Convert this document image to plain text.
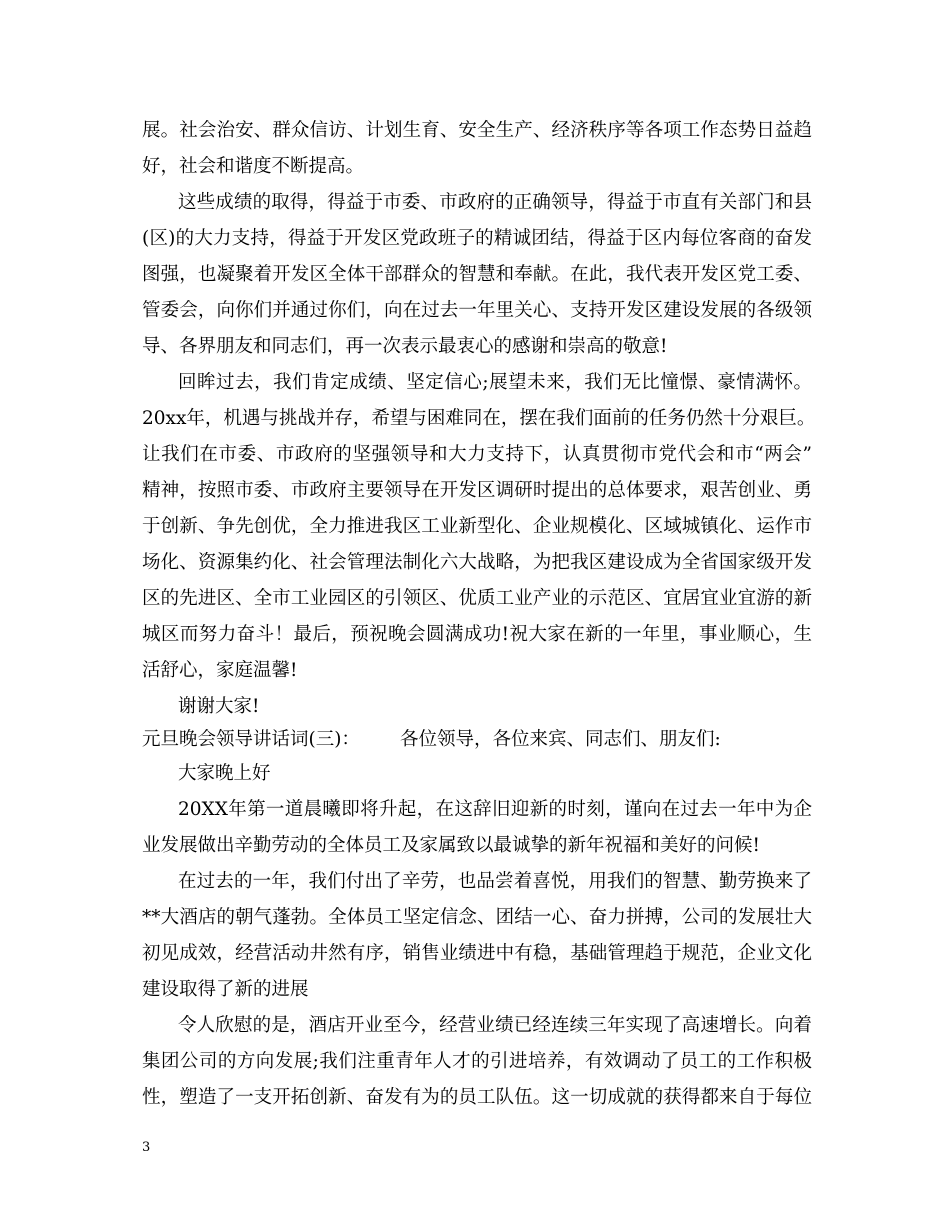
展。社会治安、群众信访、计划生育、安全生产、经济秩序等各项工作态势日益趋
好，社会和谐度不断提高。
这些成绩的取得，得益于市委、市政府的正确领导，得益于市直有关部门和县
(区)的大力支持，得益于开发区党政班子的精诚团结，得益于区内每位客商的奋发
图强，也凝聚着开发区全体干部群众的智慧和奉献。在此，我代表开发区党工委、
管委会，向你们并通过你们，向在过去一年里关心、支持开发区建设发展的各级领
导、各界朋友和同志们，再一次表示最衷心的感谢和崇高的敬意!
回眸过去，我们肯定成绩、坚定信心;展望未来，我们无比憧憬、豪情满怀。
20xx年，机遇与挑战并存，希望与困难同在，摆在我们面前的任务仍然十分艰巨。
让我们在市委、市政府的坚强领导和大力支持下，认真贯彻市党代会和市“两会”
精神，按照市委、市政府主要领导在开发区调研时提出的总体要求，艰苦创业、勇
于创新、争先创优，全力推进我区工业新型化、企业规模化、区域城镇化、运作市
场化、资源集约化、社会管理法制化六大战略，为把我区建设成为全省国家级开发
区的先进区、全市工业园区的引领区、优质工业产业的示范区、宜居宜业宜游的新
城区而努力奋斗！最后，预祝晚会圆满成功!祝大家在新的一年里，事业顺心，生
活舒心，家庭温馨!
谢谢大家!
元旦晚会领导讲话词(三)： 各位领导，各位来宾、同志们、朋友们:
大家晚上好
20XX年第一道晨曦即将升起，在这辞旧迎新的时刻，谨向在过去一年中为企
业发展做出辛勤劳动的全体员工及家属致以最诚挚的新年祝福和美好的问候!
在过去的一年，我们付出了辛劳，也品尝着喜悦，用我们的智慧、勤劳换来了
**大酒店的朝气蓬勃。全体员工坚定信念、团结一心、奋力拼搏，公司的发展壮大
初见成效，经营活动井然有序，销售业绩进中有稳，基础管理趋于规范，企业文化
建设取得了新的进展
令人欣慰的是，酒店开业至今，经营业绩已经连续三年实现了高速增长。向着
集团公司的方向发展;我们注重青年人才的引进培养，有效调动了员工的工作积极
性，塑造了一支开拓创新、奋发有为的员工队伍。这一切成就的获得都来自于每位
3
